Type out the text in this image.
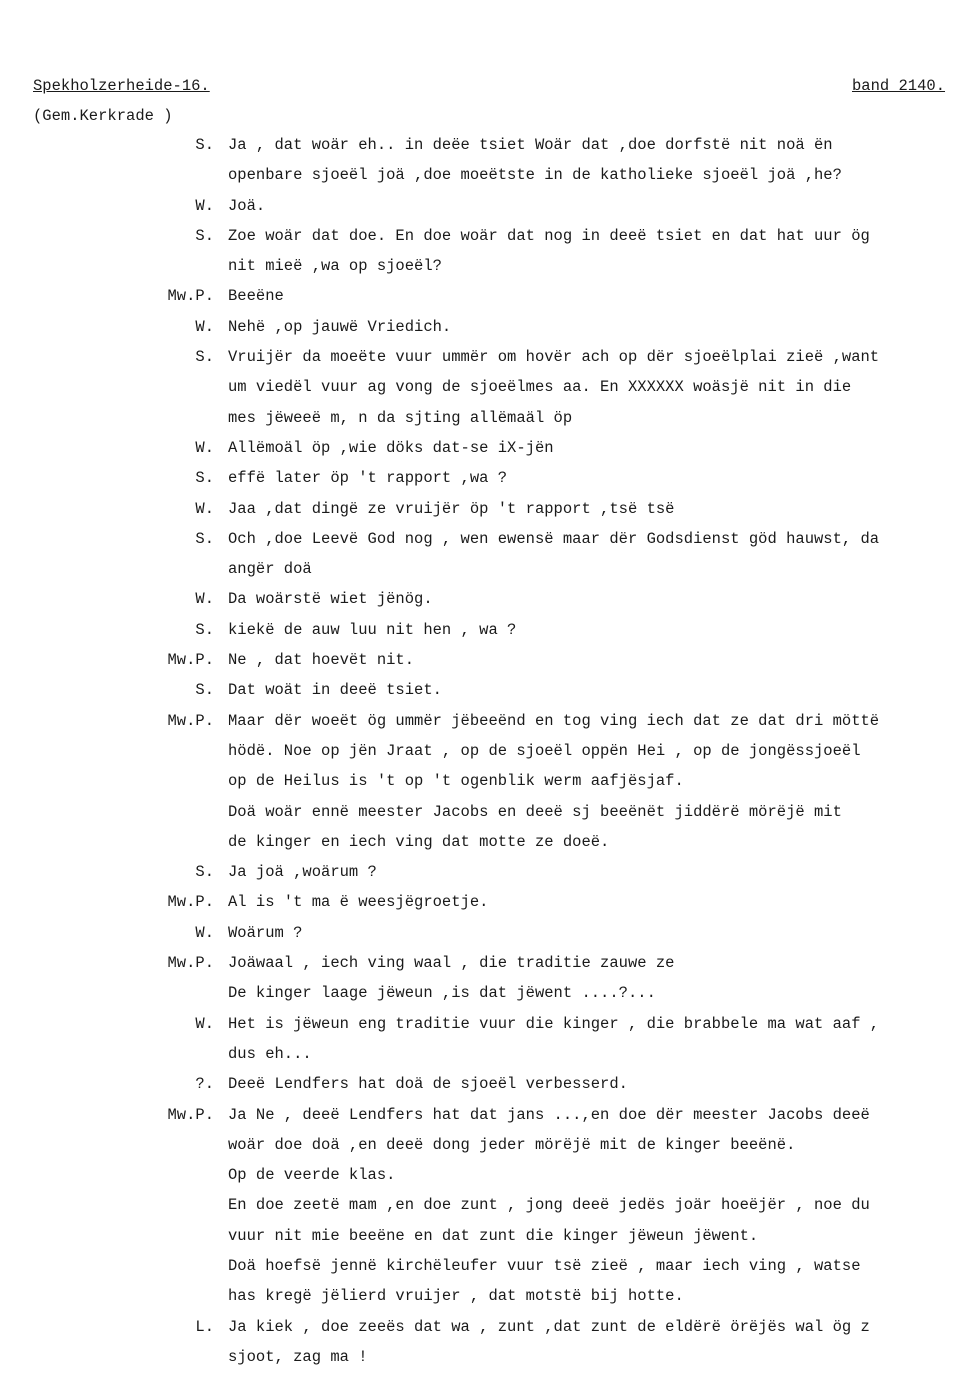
Spekholzerheide-16.	band 2140.
(Gem.Kerkrade )
S. Ja , dat woär eh.. in deëe tsiet Woär dat ,doe dorfstë nit noä ën
openbare sjoeël joä ,doe moeëtste in de katholieke sjoeël joä ,he?
W. Joä.
S. Zoe woär dat doe. En doe woär dat nog in deeë tsiet en dat hat uur ög
nit mieë ,wa op sjoeël?
Mw.P. Beeëne
W. Nehë ,op jauwë Vriedich.
S. Vruijër da moeëte vuur ummër om hovër ach op dër sjoeëlplai zieë ,want
um viedël vuur ag vong de sjoeëlmes aa. En XXXXXX woäsjë nit in die
mes jëweeë m, n da sjting allëmaäl öp
W. Allëmoäl öp ,wie döks dat-se iX-jën
S. effë later öp 't rapport ,wa ?
W. Jaa ,dat dingë ze vruijër öp 't rapport ,tsë tsë
S. Och ,doe Leevë God nog , wen ewensë maar dër Godsdienst göd hauwst, da
angër doä
W. Da woärstë wiet jënög.
S. kiekë de auw luu nit hen , wa ?
Mw.P. Ne , dat hoevët nit.
S. Dat woät in deeë tsiet.
Mw.P. Maar dër woeët ög ummër jëbeeënd en tog ving iech dat ze dat dri möttë
hödë. Noe op jën Jraat , op de sjoeël oppën Hei , op de jongëssjoeël
op de Heilus is 't op 't ogenblik werm aafjësjaf.
Doä woär ennë meester Jacobs en deeë sj beeënët jiddërë mörëjë mit
de kinger en iech ving dat motte ze doeë.
S. Ja joä ,woärum ?
Mw.P. Al is 't ma ë weesjëgroetje.
W. Woärum ?
Mw.P. Joäwaal , iech ving waal , die traditie zauwe ze
De kinger laage jëweun ,is dat jëwent ....?...
W. Het is jëweun eng traditie vuur die kinger , die brabbele ma wat aaf ,
dus eh...
?. Deeë Lendfers hat doä de sjoeël verbesserd.
Mw.P. Ja Ne , deeë Lendfers hat dat jans ...,en doe dër meester Jacobs deeë
woär doe doä ,en deeë dong jeder mörëjë mit de kinger beeënë.
Op de veerde klas.
En doe zeetë mam ,en doe zunt , jong deeë jedës joär hoeëjër , noe du
vuur nit mie beeëne en dat zunt die kinger jëweun jëwent.
Doä hoefsë jennë kirchëleufer vuur tsë zieë , maar iech ving , watse
has kregë jëlierd vruijer , dat motstë bij hotte.
L. Ja kiek , doe zeeës dat wa , zunt ,dat zunt de eldërë örëjës wal ög z
sjoot, zag ma !
